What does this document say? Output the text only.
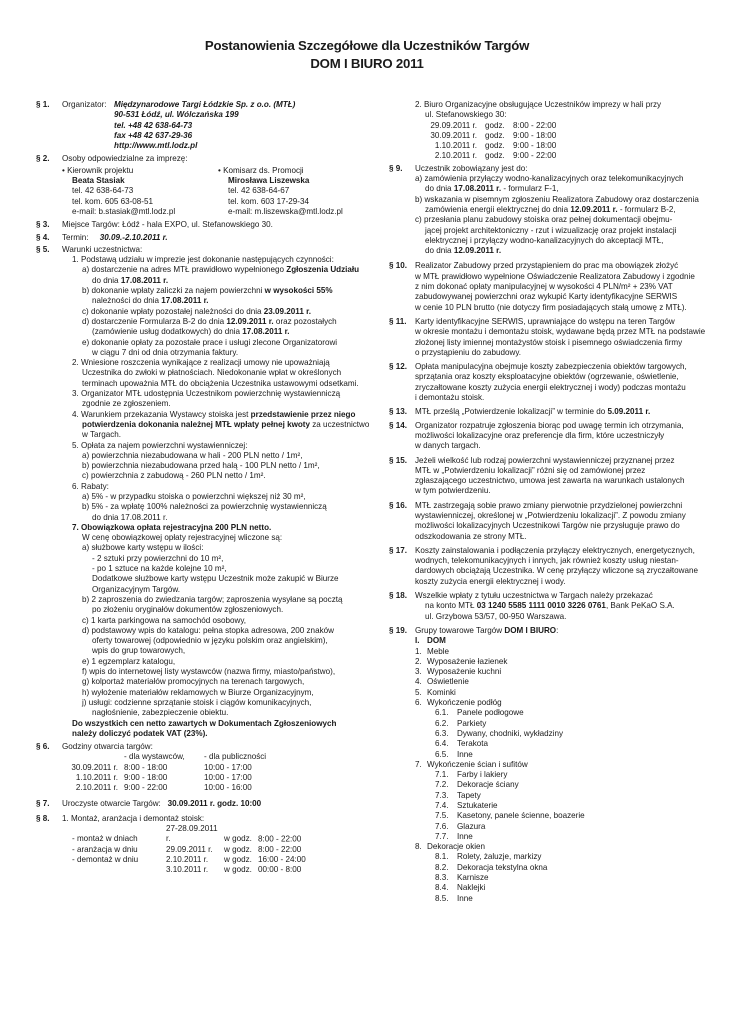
Postanowienia Szczegółowe dla Uczestników Targów
DOM I BIURO 2011
§ 1. Organizator: Międzynarodowe Targi Łódzkie Sp. z o.o. (MTŁ)
90-531 Łódź, ul. Wólczańska 199
tel. +48 42 638-64-73
fax +48 42 637-29-36
http://www.mtl.lodz.pl
§ 2. Osoby odpowiedzialne za imprezę:
• Kierownik projektu
Beata Stasiak
tel. 42 638-64-73
tel. kom. 605 63-08-51
e-mail: b.stasiak@mtl.lodz.pl
• Komisarz ds. Promocji
Mirosława Liszewska
tel. 42 638-64-67
tel. kom. 603 17-29-34
e-mail: m.liszewska@mtl.lodz.pl
§ 3. Miejsce Targów: Łódź - hala EXPO, ul. Stefanowskiego 30.
§ 4. Termin: 30.09.-2.10.2011 r.
§ 5. Warunki uczestnictwa:
1. Podstawą udziału w imprezie jest dokonanie następujących czynności:
a) dostarczenie na adres MTŁ prawidłowo wypełnionego Zgłoszenia Udziału
do dnia 17.08.2011 r.
b) dokonanie wpłaty zaliczki za najem powierzchni w wysokości 55%
należności do dnia 17.08.2011 r.
c) dokonanie wpłaty pozostałej należności do dnia 23.09.2011 r.
d) dostarczenie Formularza B-2 do dnia 12.09.2011 r. oraz pozostałych
(zamówienie usług dodatkowych) do dnia 17.08.2011 r.
e) dokonanie opłaty za pozostałe prace i usługi zlecone Organizatorowi
w ciągu 7 dni od dnia otrzymania faktury.
2. Wniesione roszczenia wynikające z realizacji umowy nie upoważniają
Uczestnika do zwłoki w płatnościach. Niedokonanie wpłat w określonych
terminach upoważnia MTŁ do obciążenia Uczestnika ustawowymi odsetkami.
3. Organizator MTŁ udostępnia Uczestnikom powierzchnię wystawienniczą
zgodnie ze zgłoszeniem.
4. Warunkiem przekazania Wystawcy stoiska jest przedstawienie przez niego
potwierdzenia dokonania należnej MTŁ wpłaty pełnej kwoty za uczestnictwo
w Targach.
5. Opłata za najem powierzchni wystawienniczej:
a) powierzchnia niezabudowana w hali - 200 PLN netto / 1m²,
b) powierzchnia niezabudowana przed halą - 100 PLN netto / 1m²,
c) powierzchnia z zabudową - 260 PLN netto / 1m².
6. Rabaty:
a) 5% - w przypadku stoiska o powierzchni większej niż 30 m²,
b) 5% - za wpłatę 100% należności za powierzchnię wystawienniczą
do dnia 17.08.2011 r.
7. Obowiązkowa opłata rejestracyjna 200 PLN netto.
W cenę obowiązkowej opłaty rejestracyjnej wliczone są:
a) służbowe karty wstępu w ilości:
- 2 sztuki przy powierzchni do 10 m²,
- po 1 sztuce na każde kolejne 10 m²,
Dodatkowe służbowe karty wstępu Uczestnik może zakupić w Biurze
Organizacyjnym Targów.
b) 2 zaproszenia do zwiedzania targów; zaproszenia wysyłane są pocztą
po złożeniu oryginałów dokumentów zgłoszeniowych.
c) 1 karta parkingowa na samochód osobowy,
d) podstawowy wpis do katalogu: pełna stopka adresowa, 200 znaków
oferty towarowej (odpowiednio w języku polskim oraz angielskim),
wpis do grup towarowych,
e) 1 egzemplarz katalogu,
f) wpis do internetowej listy wystawców (nazwa firmy, miasto/państwo),
g) kolportaż materiałów promocyjnych na terenach targowych,
h) wyłożenie materiałów reklamowych w Biurze Organizacyjnym,
j) usługi: codzienne sprzątanie stoisk i ciągów komunikacyjnych,
nagłośnienie, zabezpieczenie obiektu.
Do wszystkich cen netto zawartych w Dokumentach Zgłoszeniowych
należy doliczyć podatek VAT (23%).
§ 6. Godziny otwarcia targów:
- dla wystawców, - dla publiczności
30.09.2011 r. 8:00 - 18:00	10:00 - 17:00
1.10.2011 r. 9:00 - 18:00	10:00 - 17:00
2.10.2011 r. 9:00 - 22:00	10:00 - 16:00
§ 7. Uroczyste otwarcie Targów: 30.09.2011 r. godz. 10:00
§ 8. 1. Montaż, aranżacja i demontaż stoisk:
- montaż w dniach27-28.09.2011 r.	w godz. 8:00 - 22:00
- aranżacja w dniu	29.09.2011 r. w godz. 8:00 - 22:00
- demontaż w dniu	2.10.2011 r. w godz. 16:00 - 24:00
3.10.2011 r. w godz. 00:00 - 8:00
2. Biuro Organizacyjne obsługujące Uczestników imprezy w hali przy
ul. Stefanowskiego 30:
29.09.2011 r. godz. 8:00 - 22:00
30.09.2011 r. godz. 9:00 - 18:00
1.10.2011 r. godz. 9:00 - 18:00
2.10.2011 r. godz. 9:00 - 22:00
§ 9. Uczestnik zobowiązany jest do:
a) zamówienia przyłączy wodno-kanalizacyjnych oraz telekomunikacyjnych
do dnia 17.08.2011 r. - formularz F-1,
b) wskazania w pisemnym zgłoszeniu Realizatora Zabudowy oraz dostarczenia
zamówienia energii elektrycznej do dnia 12.09.2011 r. - formularz B-2,
c) przesłania planu zabudowy stoiska oraz pełnej dokumentacji obejmu-
jącej projekt architektoniczny - rzut i wizualizację oraz projekt instalacji
elektrycznej i przyłączy wodno-kanalizacyjnych do akceptacji MTŁ,
do dnia 12.09.2011 r.
§ 10. Realizator Zabudowy przed przystąpieniem do prac ma obowiązek złożyć
w MTŁ prawidłowo wypełnione Oświadczenie Realizatora Zabudowy i zgodnie
z nim dokonać opłaty manipulacyjnej w wysokości 4 PLN/m² + 23% VAT
zabudowywanej powierzchni oraz wykupić Karty identyfikacyjne SERWIS
w cenie 10 PLN brutto (nie dotyczy firm posiadających stałą umowę z MTŁ).
§ 11. Karty identyfikacyjne SERWIS, uprawniające do wstępu na teren Targów
w okresie montażu i demontażu stoisk, wydawane będą przez MTŁ na podstawie
złożonej listy imiennej montażystów stoisk i pisemnego oświadczenia firmy
o przystąpieniu do zabudowy.
§ 12. Opłata manipulacyjna obejmuje koszty zabezpieczenia obiektów targowych,
sprzątania oraz koszty eksploatacyjne obiektów (ogrzewanie, oświetlenie,
zryczałtowane koszty zużycia energii elektrycznej i wody) podczas montażu
i demontażu stoisk.
§ 13. MTŁ prześlą „Potwierdzenie lokalizacji” w terminie do 5.09.2011 r.
§ 14. Organizator rozpatruje zgłoszenia biorąc pod uwagę termin ich otrzymania,
możliwości lokalizacyjne oraz preferencje dla firm, które uczestniczyły
w danych targach.
§ 15. Jeżeli wielkość lub rodzaj powierzchni wystawienniczej przyznanej przez
MTŁ w „Potwierdzeniu lokalizacji” różni się od zamówionej przez
zgłaszającego uczestnictwo, umowa jest zawarta na warunkach ustalonych
w tym potwierdzeniu.
§ 16. MTŁ zastrzegają sobie prawo zmiany pierwotnie przydzielonej powierzchni
wystawienniczej, określonej w „Potwierdzeniu lokalizacji”. Z powodu zmiany
możliwości lokalizacyjnych Uczestnikowi Targów nie przysługuje prawo do
odszkodowania ze strony MTŁ.
§ 17. Koszty zainstalowania i podłączenia przyłączy elektrycznych, energetycznych,
wodnych, telekomunikacyjnych i innych, jak również koszty usług niestan-
dardowych obciążają Uczestnika. W cenę przyłączy wliczone są zryczałtowane
koszty zużycia energii elektrycznej i wody.
§ 18. Wszelkie wpłaty z tytułu uczestnictwa w Targach należy przekazać
na konto MTŁ 03 1240 5585 1111 0010 3226 0761, Bank PeKaO S.A.
ul. Grzybowa 53/57, 00-950 Warszawa.
§ 19. Grupy towarowe Targów DOM I BIURO:
I. DOM
1. Meble
2. Wyposażenie łazienek
3. Wyposażenie kuchni
4. Oświetlenie
5. Kominki
6. Wykończenie podłóg
6.1. Panele podłogowe
6.2. Parkiety
6.3. Dywany, chodniki, wykładziny
6.4. Terakota
6.5. Inne
7. Wykończenie ścian i sufitów
7.1. Farby i lakiery
7.2. Dekoracje ściany
7.3. Tapety
7.4. Sztukaterie
7.5. Kasetony, panele ścienne, boazerie
7.6. Glazura
7.7. Inne
8. Dekoracje okien
8.1. Rolety, żaluzje, markizy
8.2. Dekoracja tekstylna okna
8.3. Karnisze
8.4. Naklejki
8.5. Inne
